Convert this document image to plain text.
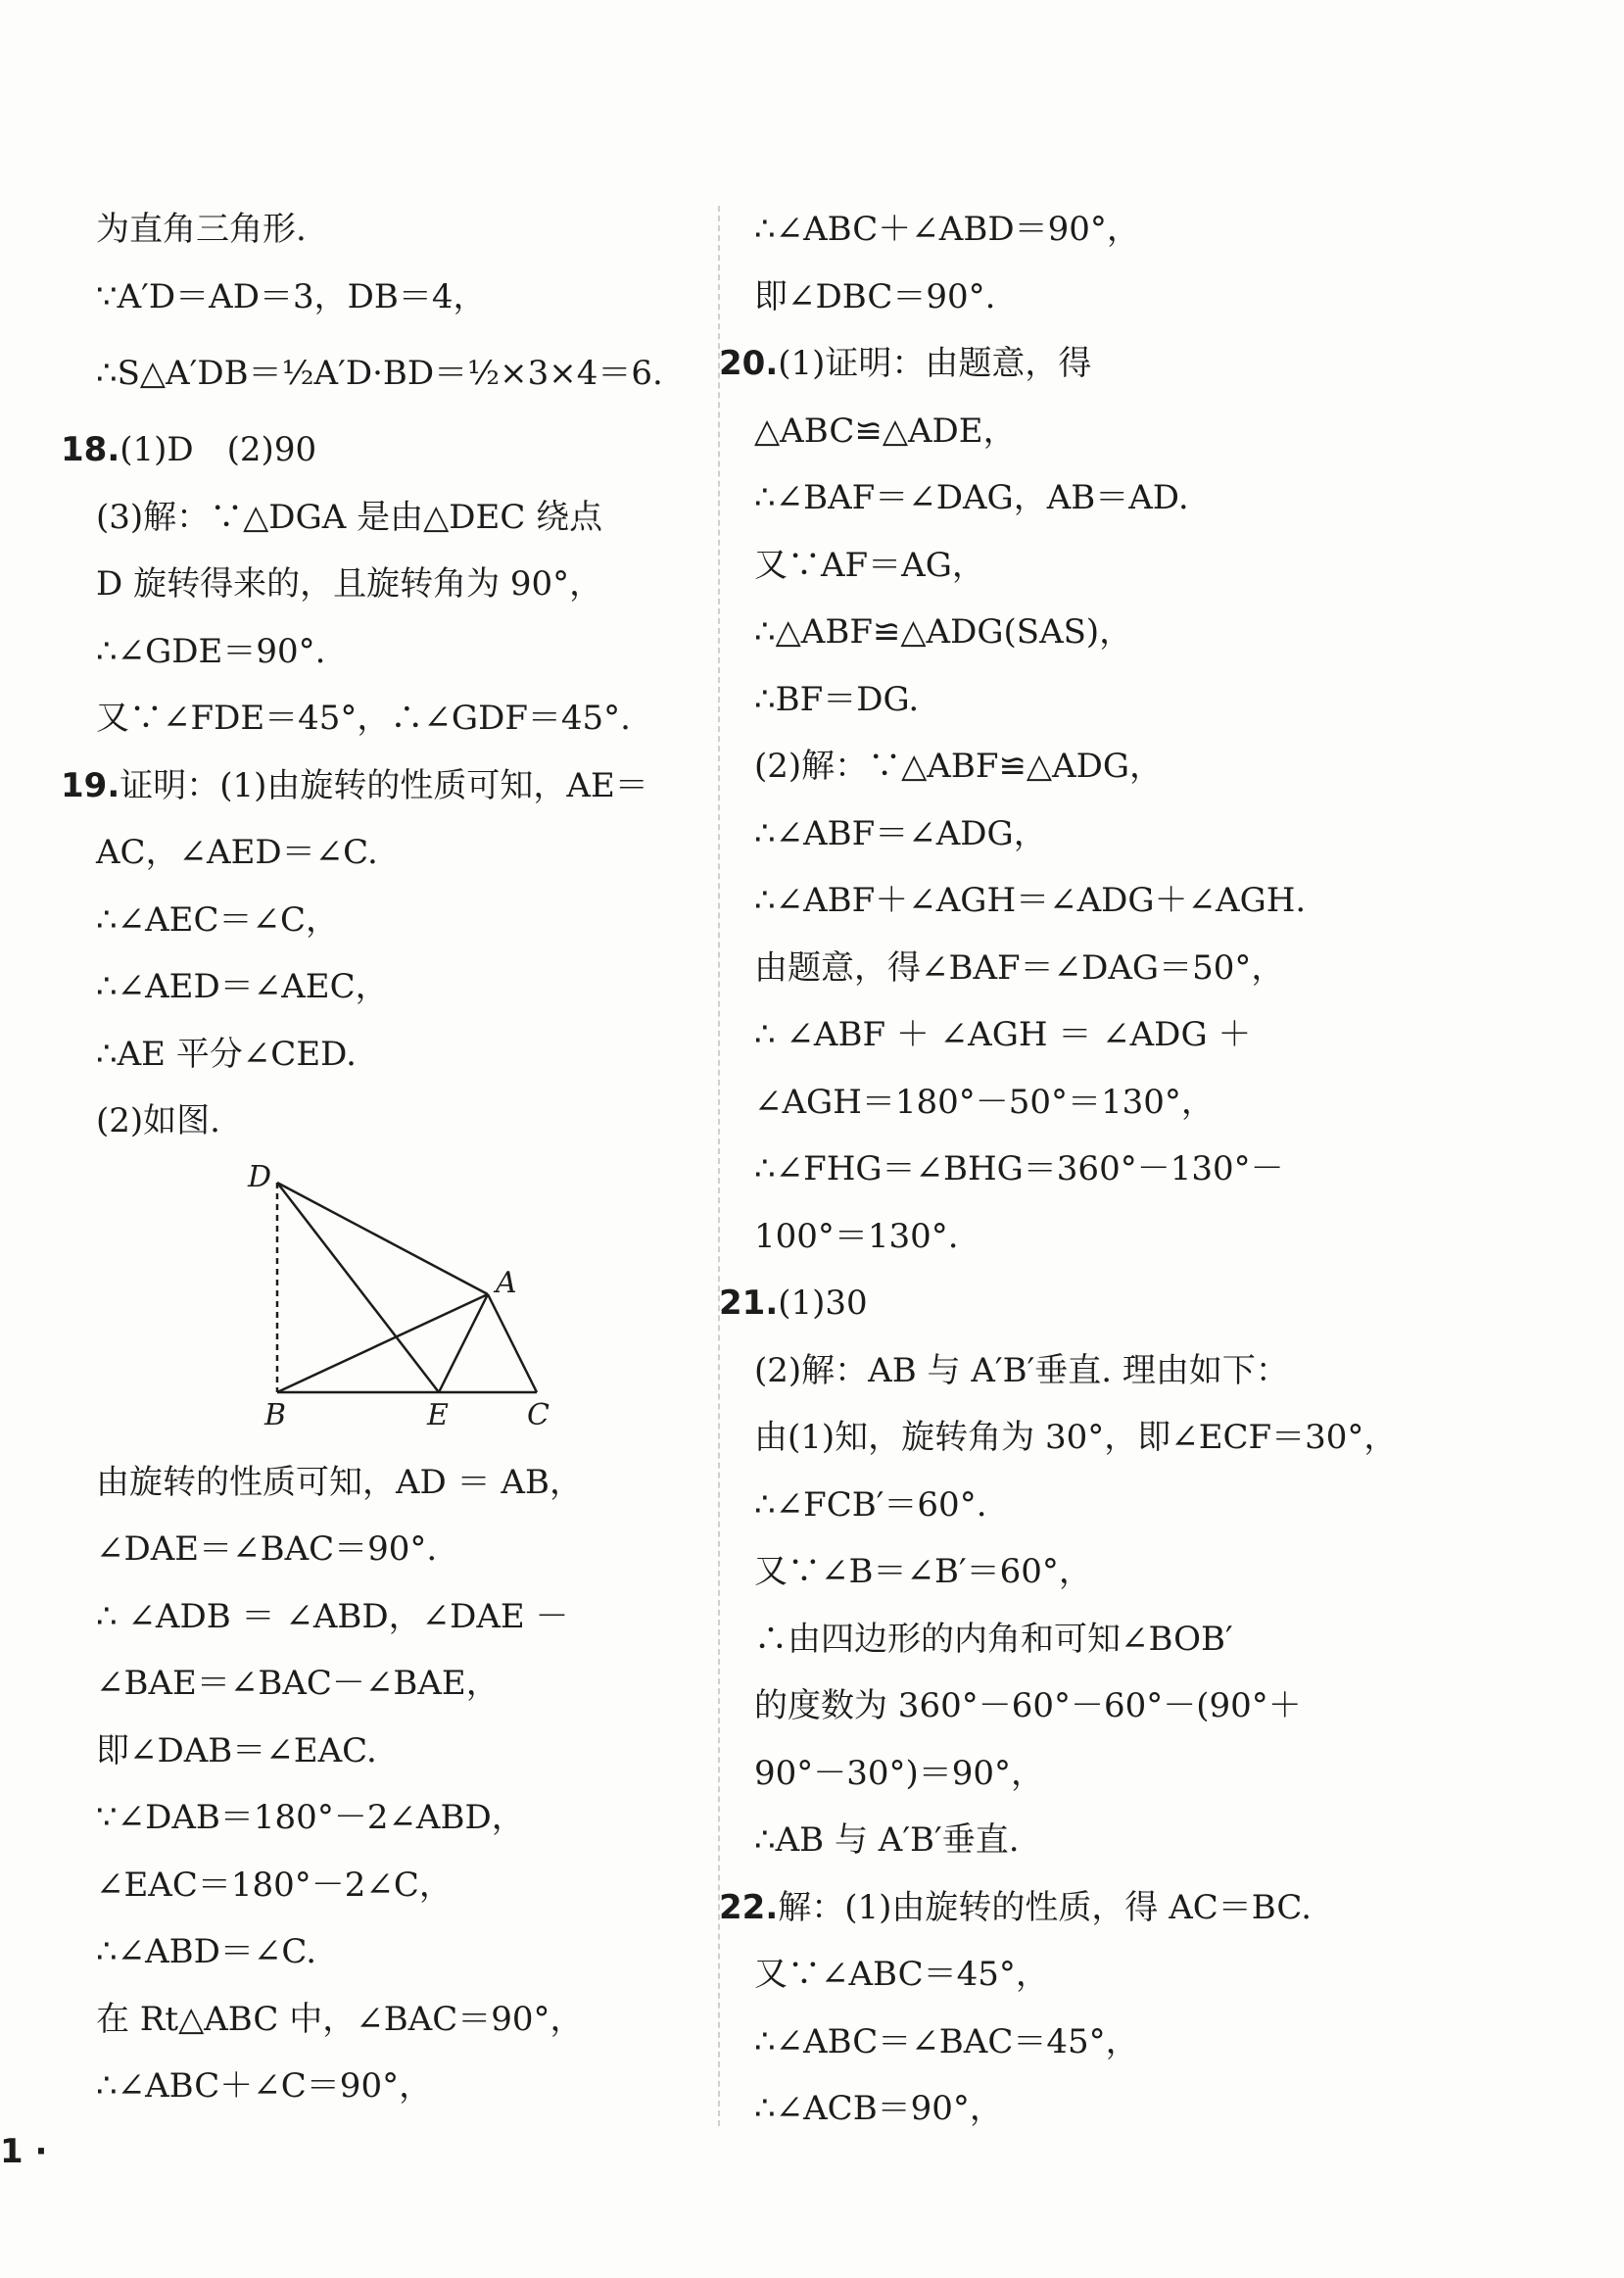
为直角三角形.
∵A′D＝AD＝3，DB＝4，
∴S△A′DB＝½A′D·BD＝½×3×4＝6.
18.(1)D　(2)90
(3)解：∵△DGA 是由△DEC 绕点
D 旋转得来的，且旋转角为 90°，
∴∠GDE＝90°.
又∵∠FDE＝45°，∴∠GDF＝45°.
19.证明：(1)由旋转的性质可知，AE＝
AC，∠AED＝∠C.
∴∠AEC＝∠C，
∴∠AED＝∠AEC，
∴AE 平分∠CED.
(2)如图.
D
A
B	E	C
由旋转的性质可知，AD ＝ AB，
∠DAE＝∠BAC＝90°.
∴ ∠ADB ＝ ∠ABD，∠DAE －
∠BAE＝∠BAC－∠BAE，
即∠DAB＝∠EAC.
∵∠DAB＝180°－2∠ABD，
∠EAC＝180°－2∠C，
∴∠ABD＝∠C.
在 Rt△ABC 中，∠BAC＝90°，
∴∠ABC＋∠C＝90°，
∴∠ABC＋∠ABD＝90°，
即∠DBC＝90°.
20.(1)证明：由题意，得
△ABC≌△ADE，
∴∠BAF＝∠DAG，AB＝AD.
又∵AF＝AG，
∴△ABF≌△ADG(SAS)，
∴BF＝DG.
(2)解：∵△ABF≌△ADG，
∴∠ABF＝∠ADG，
∴∠ABF＋∠AGH＝∠ADG＋∠AGH.
由题意，得∠BAF＝∠DAG＝50°，
∴ ∠ABF ＋ ∠AGH ＝ ∠ADG ＋
∠AGH＝180°－50°＝130°，
∴∠FHG＝∠BHG＝360°－130°－
100°＝130°.
21.(1)30
(2)解：AB 与 A′B′垂直. 理由如下：
由(1)知，旋转角为 30°，即∠ECF＝30°，
∴∠FCB′＝60°.
又∵∠B＝∠B′＝60°，
∴由四边形的内角和可知∠BOB′
的度数为 360°－60°－60°－(90°＋
90°－30°)＝90°，
∴AB 与 A′B′垂直.
22.解：(1)由旋转的性质，得 AC＝BC.
又∵∠ABC＝45°，
∴∠ABC＝∠BAC＝45°，
∴∠ACB＝90°，
1 ·
